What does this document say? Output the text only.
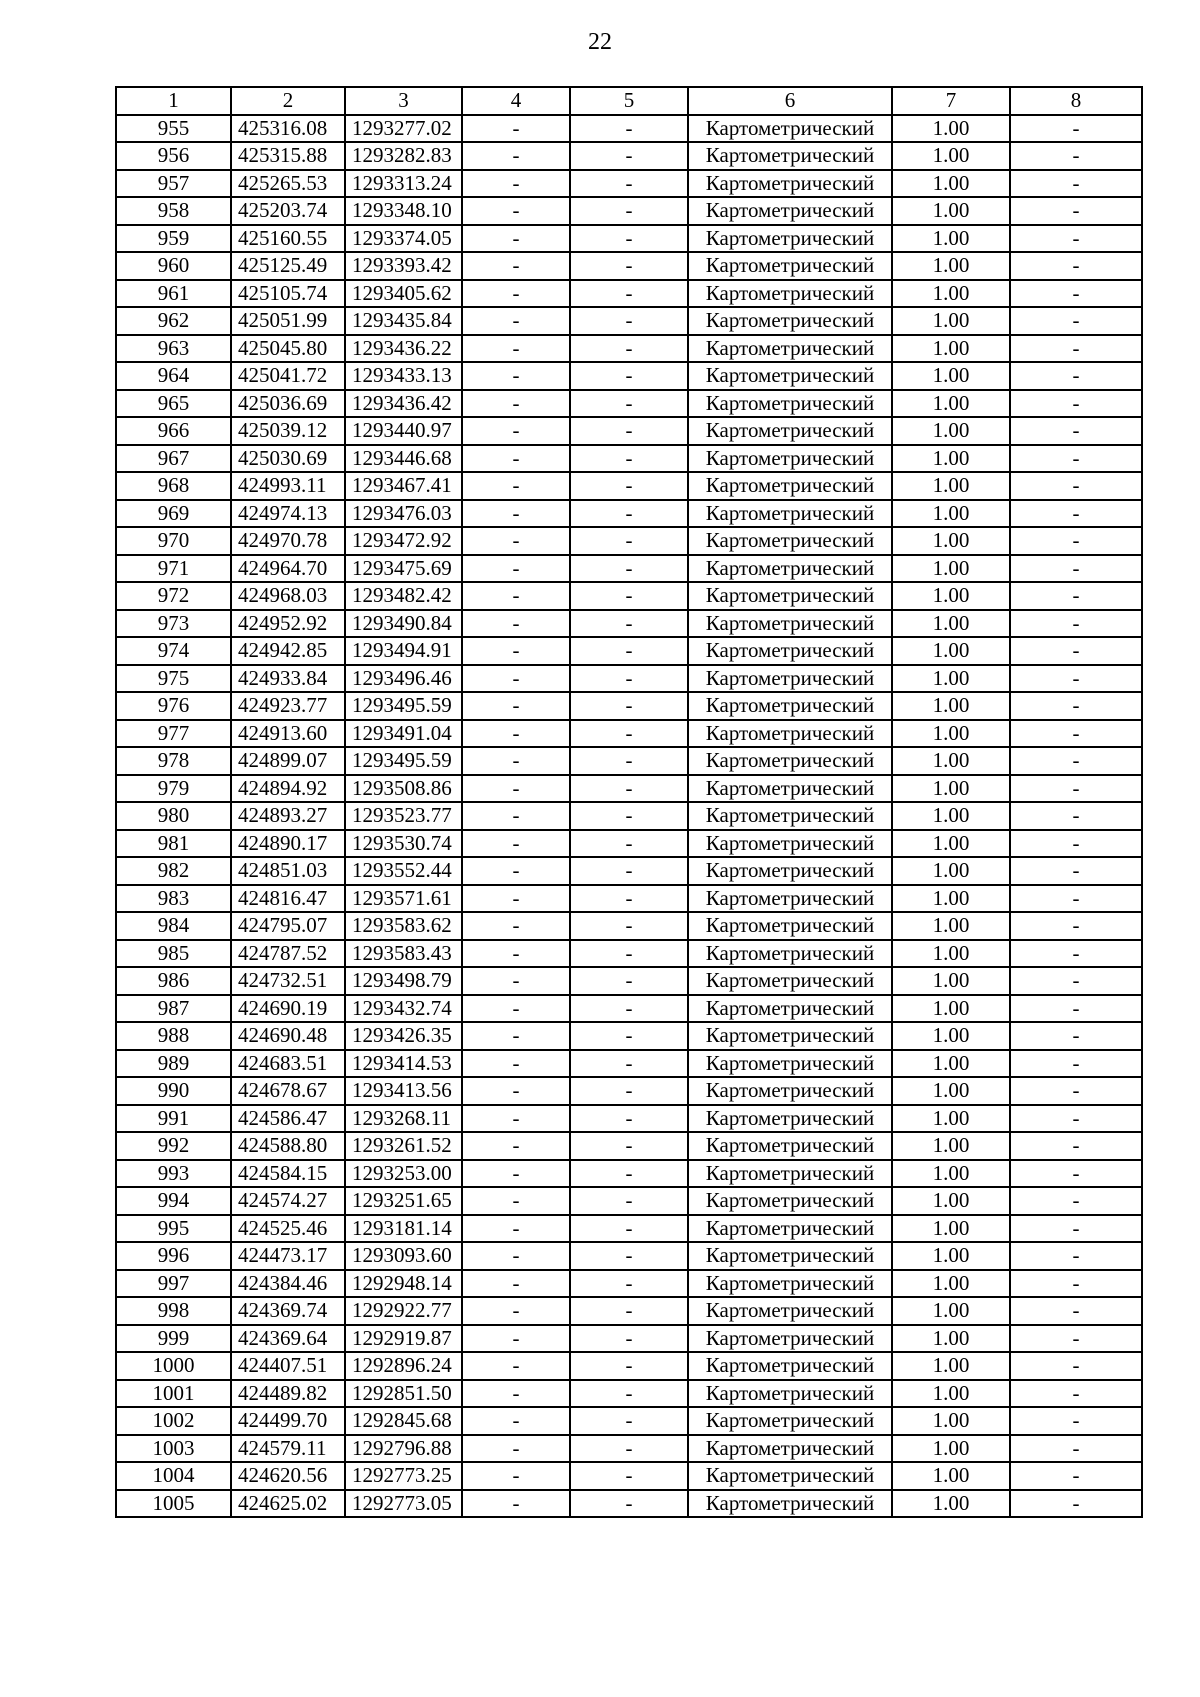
22
1	2	3	4	5	6	7	8
955	425316.08	1293277.02	-	-	Картометрический	1.00	-
956	425315.88	1293282.83	-	-	Картометрический	1.00	-
957	425265.53	1293313.24	-	-	Картометрический	1.00	-
958	425203.74	1293348.10	-	-	Картометрический	1.00	-
959	425160.55	1293374.05	-	-	Картометрический	1.00	-
960	425125.49	1293393.42	-	-	Картометрический	1.00	-
961	425105.74	1293405.62	-	-	Картометрический	1.00	-
962	425051.99	1293435.84	-	-	Картометрический	1.00	-
963	425045.80	1293436.22	-	-	Картометрический	1.00	-
964	425041.72	1293433.13	-	-	Картометрический	1.00	-
965	425036.69	1293436.42	-	-	Картометрический	1.00	-
966	425039.12	1293440.97	-	-	Картометрический	1.00	-
967	425030.69	1293446.68	-	-	Картометрический	1.00	-
968	424993.11	1293467.41	-	-	Картометрический	1.00	-
969	424974.13	1293476.03	-	-	Картометрический	1.00	-
970	424970.78	1293472.92	-	-	Картометрический	1.00	-
971	424964.70	1293475.69	-	-	Картометрический	1.00	-
972	424968.03	1293482.42	-	-	Картометрический	1.00	-
973	424952.92	1293490.84	-	-	Картометрический	1.00	-
974	424942.85	1293494.91	-	-	Картометрический	1.00	-
975	424933.84	1293496.46	-	-	Картометрический	1.00	-
976	424923.77	1293495.59	-	-	Картометрический	1.00	-
977	424913.60	1293491.04	-	-	Картометрический	1.00	-
978	424899.07	1293495.59	-	-	Картометрический	1.00	-
979	424894.92	1293508.86	-	-	Картометрический	1.00	-
980	424893.27	1293523.77	-	-	Картометрический	1.00	-
981	424890.17	1293530.74	-	-	Картометрический	1.00	-
982	424851.03	1293552.44	-	-	Картометрический	1.00	-
983	424816.47	1293571.61	-	-	Картометрический	1.00	-
984	424795.07	1293583.62	-	-	Картометрический	1.00	-
985	424787.52	1293583.43	-	-	Картометрический	1.00	-
986	424732.51	1293498.79	-	-	Картометрический	1.00	-
987	424690.19	1293432.74	-	-	Картометрический	1.00	-
988	424690.48	1293426.35	-	-	Картометрический	1.00	-
989	424683.51	1293414.53	-	-	Картометрический	1.00	-
990	424678.67	1293413.56	-	-	Картометрический	1.00	-
991	424586.47	1293268.11	-	-	Картометрический	1.00	-
992	424588.80	1293261.52	-	-	Картометрический	1.00	-
993	424584.15	1293253.00	-	-	Картометрический	1.00	-
994	424574.27	1293251.65	-	-	Картометрический	1.00	-
995	424525.46	1293181.14	-	-	Картометрический	1.00	-
996	424473.17	1293093.60	-	-	Картометрический	1.00	-
997	424384.46	1292948.14	-	-	Картометрический	1.00	-
998	424369.74	1292922.77	-	-	Картометрический	1.00	-
999	424369.64	1292919.87	-	-	Картометрический	1.00	-
1000	424407.51	1292896.24	-	-	Картометрический	1.00	-
1001	424489.82	1292851.50	-	-	Картометрический	1.00	-
1002	424499.70	1292845.68	-	-	Картометрический	1.00	-
1003	424579.11	1292796.88	-	-	Картометрический	1.00	-
1004	424620.56	1292773.25	-	-	Картометрический	1.00	-
1005	424625.02	1292773.05	-	-	Картометрический	1.00	-
